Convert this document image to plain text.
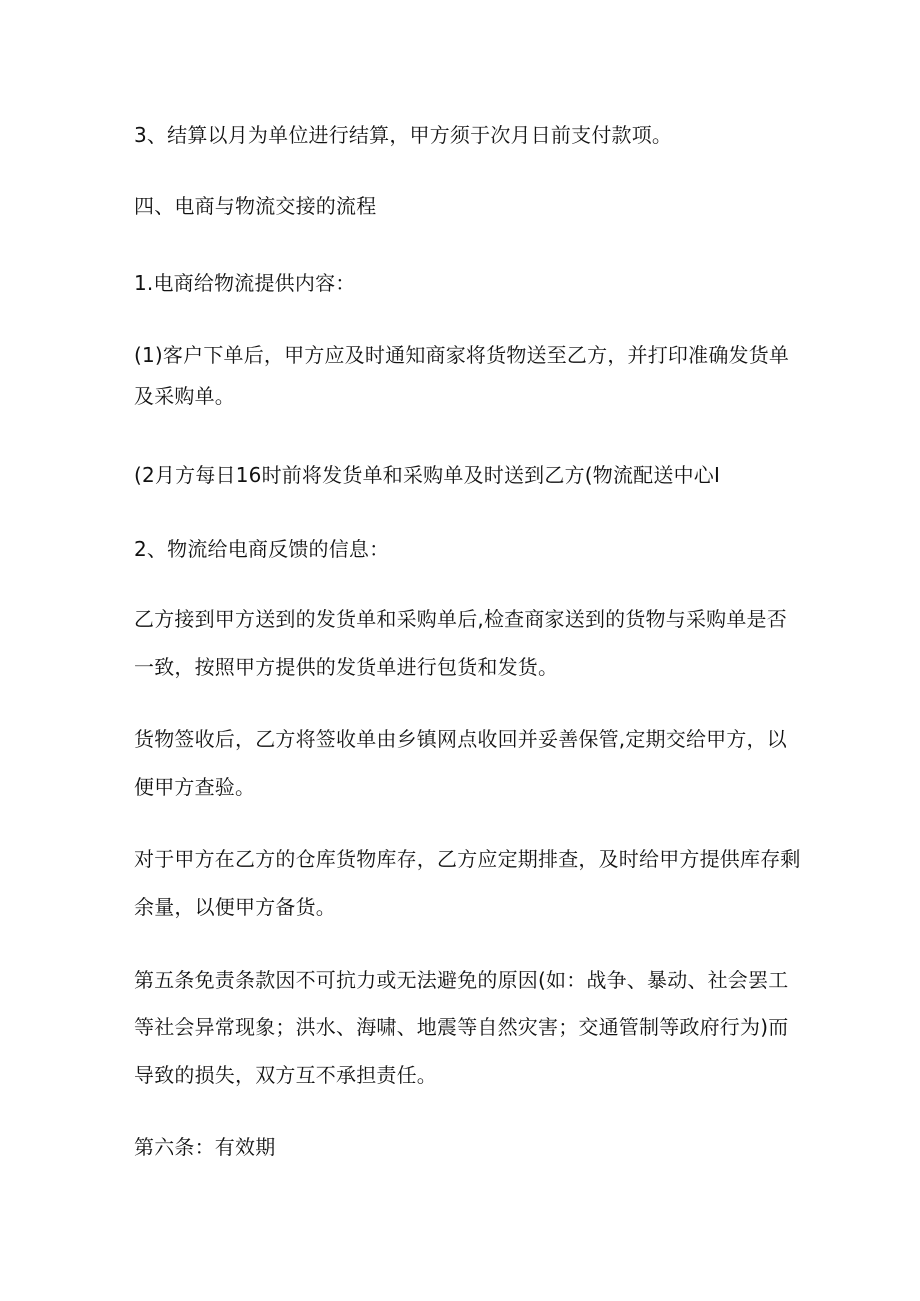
3、结算以月为单位进行结算，甲方须于次月日前支付款项。

四、电商与物流交接的流程

1.电商给物流提供内容：

(1)客户下单后，甲方应及时通知商家将货物送至乙方，并打印准确发货单

及采购单。

(2月方每日16时前将发货单和采购单及时送到乙方(物流配送中心I

2、物流给电商反馈的信息：

乙方接到甲方送到的发货单和采购单后,检查商家送到的货物与采购单是否

一致，按照甲方提供的发货单进行包货和发货。

货物签收后，乙方将签收单由乡镇网点收回并妥善保管,定期交给甲方，以

便甲方查验。

对于甲方在乙方的仓库货物库存，乙方应定期排查，及时给甲方提供库存剩

余量，以便甲方备货。

第五条免责条款因不可抗力或无法避免的原因(如：战争、暴动、社会罢工

等社会异常现象；洪水、海啸、地震等自然灾害；交通管制等政府行为)而

导致的损失，双方互不承担责任。

第六条：有效期
